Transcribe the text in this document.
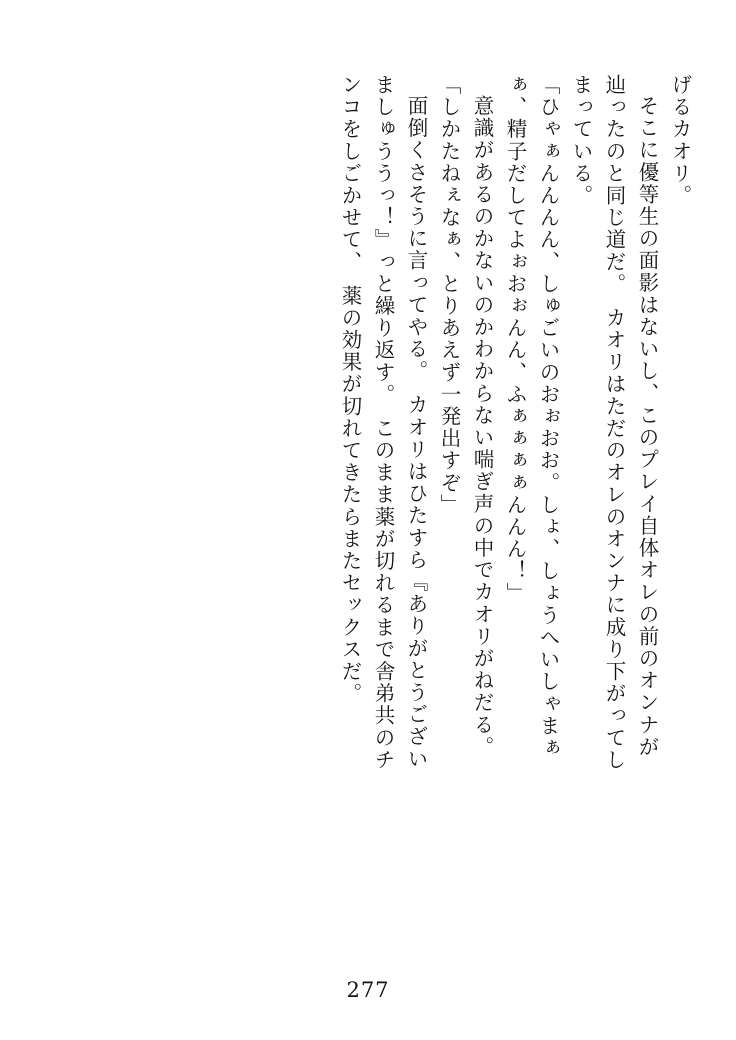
げるカオリ。
そこに優等生の面影はないし、このプレイ自体オレの前のオンナが
辿ったのと同じ道だ。　カオリはただのオレのオンナに成り下がってし
まっている。
「ひゃぁんんんん、しゅごいのおぉおお。しょ、しょうへいしゃまぁ
ぁ、精子だしてよぉおぉんん、ふぁぁぁぁんんん！」
意識があるのかないのかわからない喘ぎ声の中でカオリがねだる。
「しかたねぇなぁ、とりあえず一発出すぞ」
面倒くさそうに言ってやる。　カオリはひたすら『ありがとうござい
ましゅううっ！』っと繰り返す。　このまま薬が切れるまで舎弟共のチ
ンコをしごかせて、　薬の効果が切れてきたらまたセックスだ。
277
